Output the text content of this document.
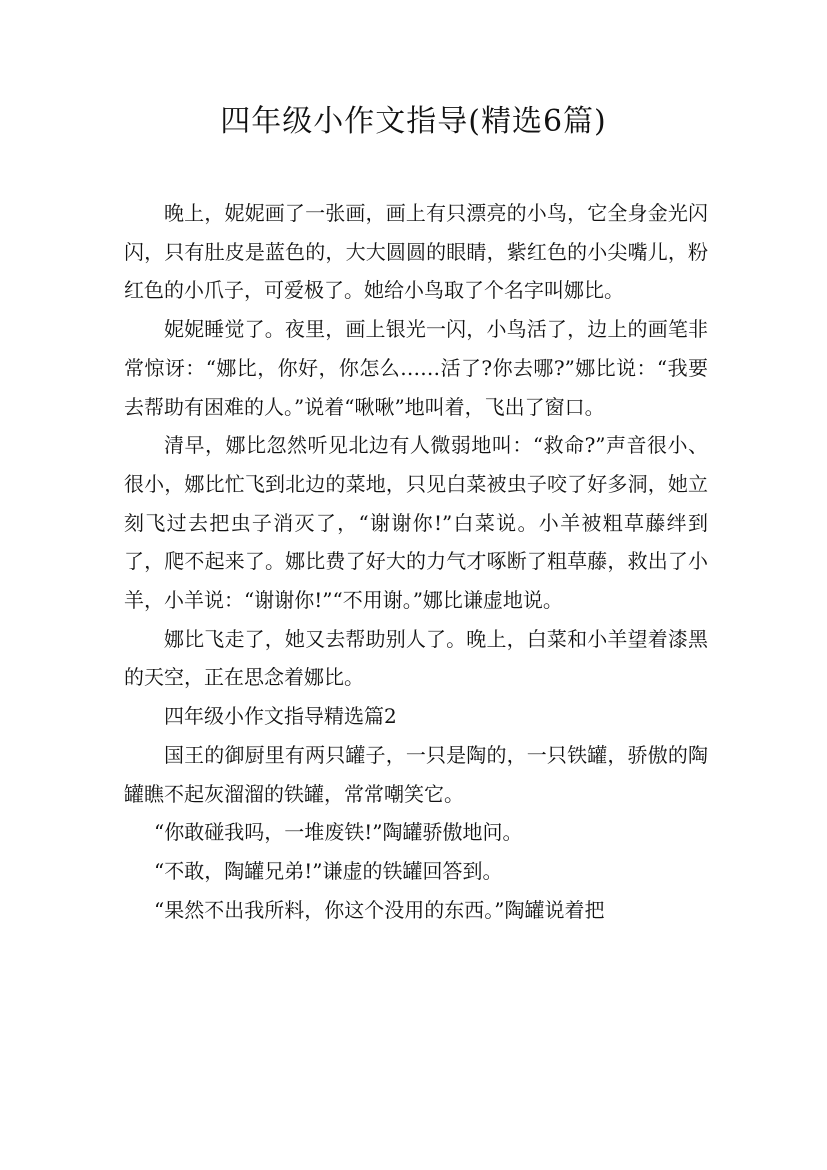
四年级小作文指导(精选6篇)

晚上，妮妮画了一张画，画上有只漂亮的小鸟，它全身金光闪闪，只有肚皮是蓝色的，大大圆圆的眼睛，紫红色的小尖嘴儿，粉红色的小爪子，可爱极了。她给小鸟取了个名字叫娜比。

妮妮睡觉了。夜里，画上银光一闪，小鸟活了，边上的画笔非常惊讶：“娜比，你好，你怎么……活了?你去哪?”娜比说：“我要去帮助有困难的人。”说着“啾啾”地叫着，飞出了窗口。

清早，娜比忽然听见北边有人微弱地叫：“救命?”声音很小、很小，娜比忙飞到北边的菜地，只见白菜被虫子咬了好多洞，她立刻飞过去把虫子消灭了，“谢谢你!”白菜说。小羊被粗草藤绊到了，爬不起来了。娜比费了好大的力气才啄断了粗草藤，救出了小羊，小羊说：“谢谢你!”“不用谢。”娜比谦虚地说。

娜比飞走了，她又去帮助别人了。晚上，白菜和小羊望着漆黑的天空，正在思念着娜比。

四年级小作文指导精选篇2

国王的御厨里有两只罐子，一只是陶的，一只铁罐，骄傲的陶罐瞧不起灰溜溜的铁罐，常常嘲笑它。

“你敢碰我吗，一堆废铁!”陶罐骄傲地问。

“不敢，陶罐兄弟!”谦虚的铁罐回答到。

“果然不出我所料，你这个没用的东西。”陶罐说着把
